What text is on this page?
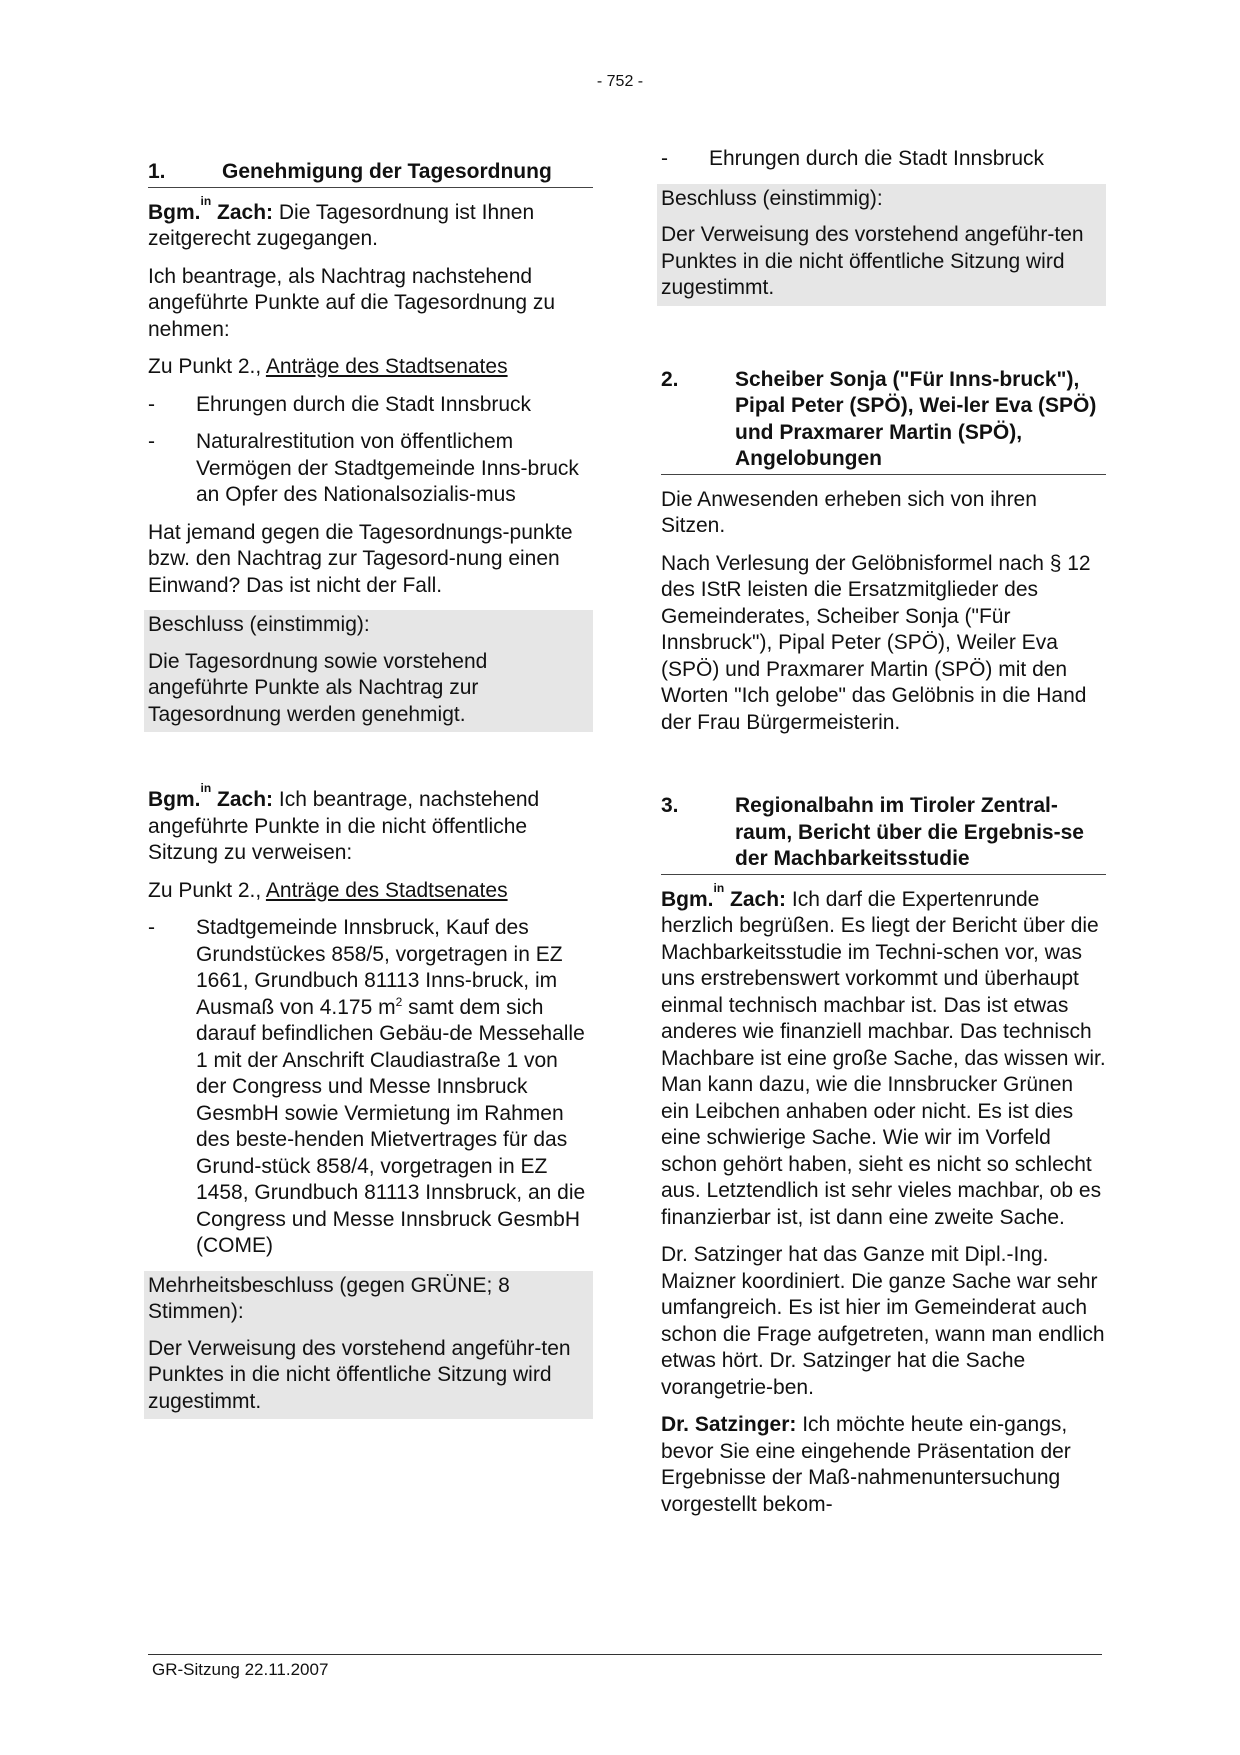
- 752 -
1.	Genehmigung der Tagesordnung

Bgm.$^{in}$ Zach: Die Tagesordnung ist Ihnen zeitgerecht zugegangen.

Ich beantrage, als Nachtrag nachstehend angeführte Punkte auf die Tagesordnung zu nehmen:

Zu Punkt 2., Anträge des Stadtsenates

-	Ehrungen durch die Stadt Innsbruck
-	Naturalrestitution von öffentlichem Vermögen der Stadtgemeinde Inns-bruck an Opfer des Nationalsozialis-mus

Hat jemand gegen die Tagesordnungs-punkte bzw. den Nachtrag zur Tagesord-nung einen Einwand? Das ist nicht der Fall.

Beschluss (einstimmig):

Die Tagesordnung sowie vorstehend angeführte Punkte als Nachtrag zur Tagesordnung werden genehmigt.

Bgm.$^{in}$ Zach: Ich beantrage, nachstehend angeführte Punkte in die nicht öffentliche Sitzung zu verweisen:

Zu Punkt 2., Anträge des Stadtsenates

-	Stadtgemeinde Innsbruck, Kauf des Grundstückes 858/5, vorgetragen in EZ 1661, Grundbuch 81113 Inns-bruck, im Ausmaß von 4.175 $m^2$ samt dem sich darauf befindlichen Gebäu-de Messehalle 1 mit der Anschrift Claudiastraße 1 von der Congress und Messe Innsbruck GesmbH sowie Vermietung im Rahmen des beste-henden Mietvertrages für das Grund-stück 858/4, vorgetragen in EZ 1458, Grundbuch 81113 Innsbruck, an die Congress und Messe Innsbruck GesmbH (COME)

Mehrheitsbeschluss (gegen GRÜNE; 8 Stimmen):

Der Verweisung des vorstehend angeführ-ten Punktes in die nicht öffentliche Sitzung wird zugestimmt.

-	Ehrungen durch die Stadt Innsbruck

Beschluss (einstimmig):

Der Verweisung des vorstehend angeführ-ten Punktes in die nicht öffentliche Sitzung wird zugestimmt.

2.	Scheiber Sonja ("Für Inns-bruck"), Pipal Peter (SPÖ), Wei-ler Eva (SPÖ) und Praxmarer Martin (SPÖ), Angelobungen

Die Anwesenden erheben sich von ihren Sitzen.

Nach Verlesung der Gelöbnisformel nach § 12 des IStR leisten die Ersatzmitglieder des Gemeinderates, Scheiber Sonja ("Für Innsbruck"), Pipal Peter (SPÖ), Weiler Eva (SPÖ) und Praxmarer Martin (SPÖ) mit den Worten "Ich gelobe" das Gelöbnis in die Hand der Frau Bürgermeisterin.

3.	Regionalbahn im Tiroler Zentral-raum, Bericht über die Ergebnis-se der Machbarkeitsstudie

Bgm.$^{in}$ Zach: Ich darf die Expertenrunde herzlich begrüßen. Es liegt der Bericht über die Machbarkeitsstudie im Techni-schen vor, was uns erstrebenswert vorkommt und überhaupt einmal technisch machbar ist. Das ist etwas anderes wie finanziell machbar. Das technisch Machbare ist eine große Sache, das wissen wir. Man kann dazu, wie die Innsbrucker Grünen ein Leibchen anhaben oder nicht. Es ist dies eine schwierige Sache. Wie wir im Vorfeld schon gehört haben, sieht es nicht so schlecht aus. Letztendlich ist sehr vieles machbar, ob es finanzierbar ist, ist dann eine zweite Sache.

Dr. Satzinger hat das Ganze mit Dipl.-Ing. Maizner koordiniert. Die ganze Sache war sehr umfangreich. Es ist hier im Gemeinderat auch schon die Frage aufgetreten, wann man endlich etwas hört. Dr. Satzinger hat die Sache vorangetrie-ben.

Dr. Satzinger: Ich möchte heute ein-gangs, bevor Sie eine eingehende Präsentation der Ergebnisse der Maß-nahmenuntersuchung vorgestellt bekom-

GR-Sitzung 22.11.2007
